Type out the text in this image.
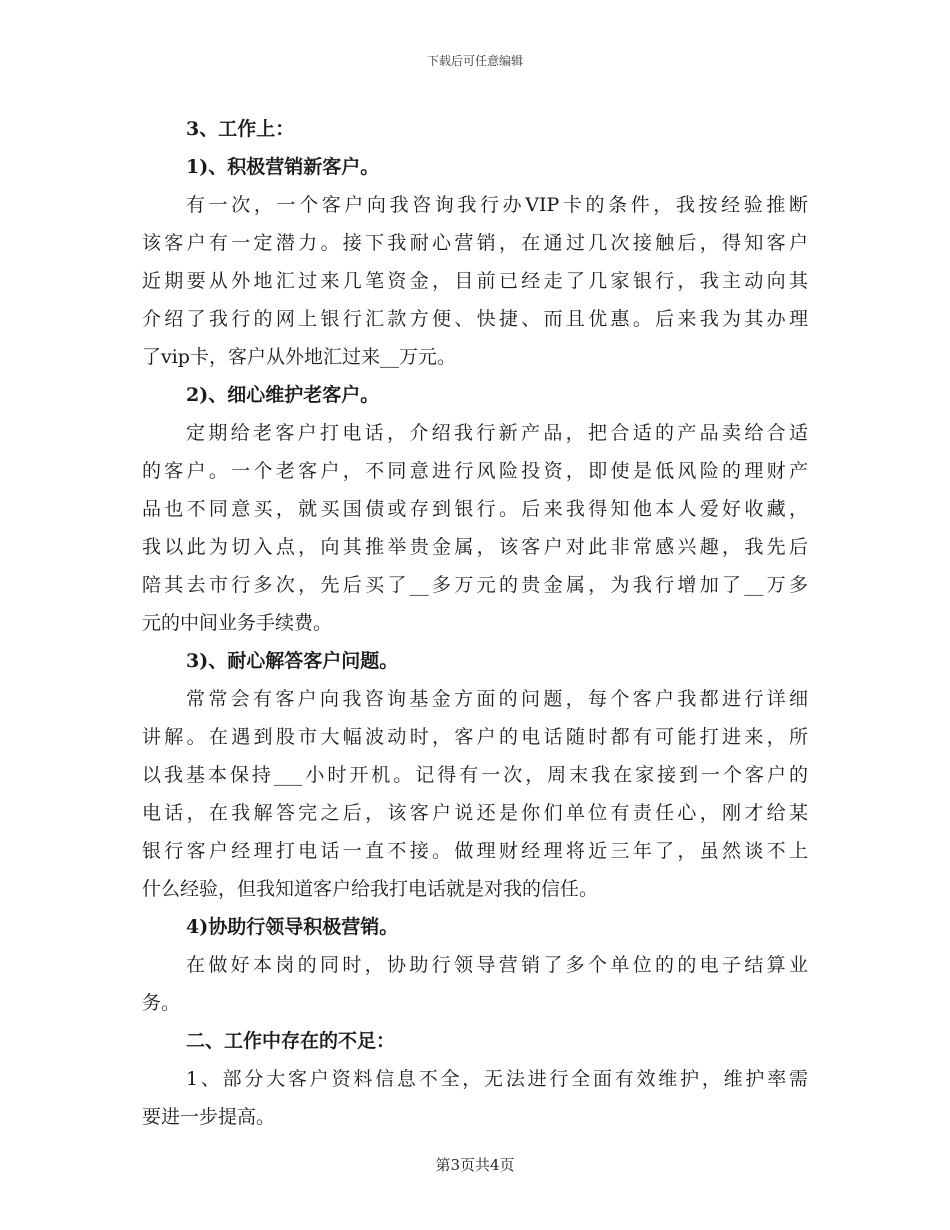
下载后可任意编辑
3、工作上：
1)、积极营销新客户。
有一次，一个客户向我咨询我行办VIP卡的条件，我按经验推断
该客户有一定潜力。接下我耐心营销，在通过几次接触后，得知客户
近期要从外地汇过来几笔资金，目前已经走了几家银行，我主动向其
介绍了我行的网上银行汇款方便、快捷、而且优惠。后来我为其办理
了vip卡，客户从外地汇过来__万元。
2)、细心维护老客户。
定期给老客户打电话，介绍我行新产品，把合适的产品卖给合适
的客户。一个老客户，不同意进行风险投资，即使是低风险的理财产
品也不同意买，就买国债或存到银行。后来我得知他本人爱好收藏，
我以此为切入点，向其推举贵金属，该客户对此非常感兴趣，我先后
陪其去市行多次，先后买了__多万元的贵金属，为我行增加了__万多
元的中间业务手续费。
3)、耐心解答客户问题。
常常会有客户向我咨询基金方面的问题，每个客户我都进行详细
讲解。在遇到股市大幅波动时，客户的电话随时都有可能打进来，所
以我基本保持___小时开机。记得有一次，周末我在家接到一个客户的
电话，在我解答完之后，该客户说还是你们单位有责任心，刚才给某
银行客户经理打电话一直不接。做理财经理将近三年了，虽然谈不上
什么经验，但我知道客户给我打电话就是对我的信任。
4)协助行领导积极营销。
在做好本岗的同时，协助行领导营销了多个单位的的电子结算业
务。
二、工作中存在的不足：
1、部分大客户资料信息不全，无法进行全面有效维护，维护率需
要进一步提高。
第3页共4页
